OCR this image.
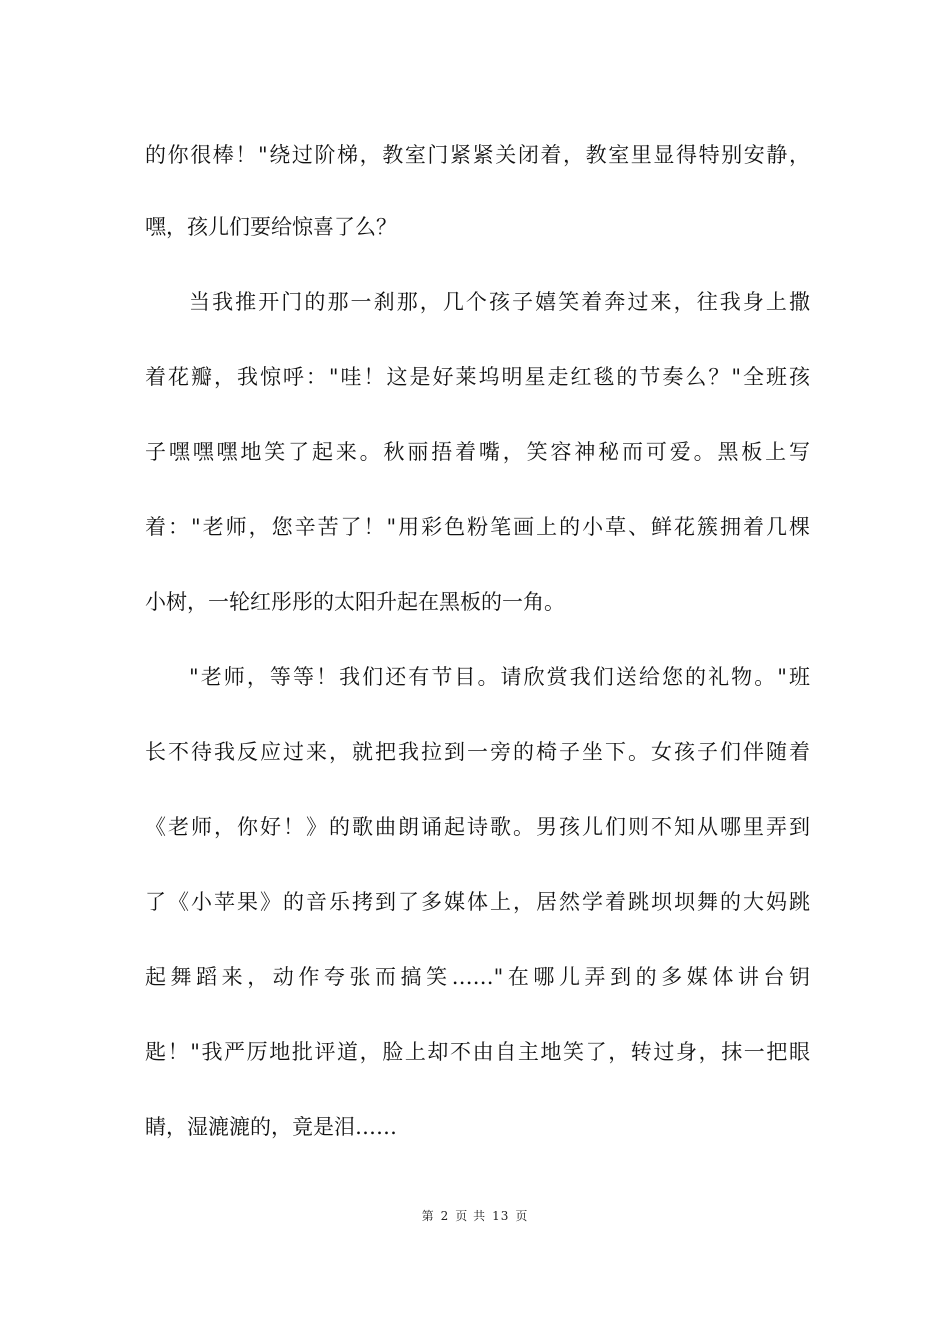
的你很棒！"绕过阶梯，教室门紧紧关闭着，教室里显得特别安静，
嘿，孩儿们要给惊喜了么？
当我推开门的那一刹那，几个孩子嬉笑着奔过来，往我身上撒
着花瓣，我惊呼："哇！这是好莱坞明星走红毯的节奏么？"全班孩
子嘿嘿嘿地笑了起来。秋丽捂着嘴，笑容神秘而可爱。黑板上写
着："老师，您辛苦了！"用彩色粉笔画上的小草、鲜花簇拥着几棵
小树，一轮红彤彤的太阳升起在黑板的一角。
"老师，等等！我们还有节目。请欣赏我们送给您的礼物。"班
长不待我反应过来，就把我拉到一旁的椅子坐下。女孩子们伴随着
《老师，你好！》的歌曲朗诵起诗歌。男孩儿们则不知从哪里弄到
了《小苹果》的音乐拷到了多媒体上，居然学着跳坝坝舞的大妈跳
起舞蹈来，动作夸张而搞笑……"在哪儿弄到的多媒体讲台钥
匙！"我严厉地批评道，脸上却不由自主地笑了，转过身，抹一把眼
睛，湿漉漉的，竟是泪……
第 2 页 共 13 页
